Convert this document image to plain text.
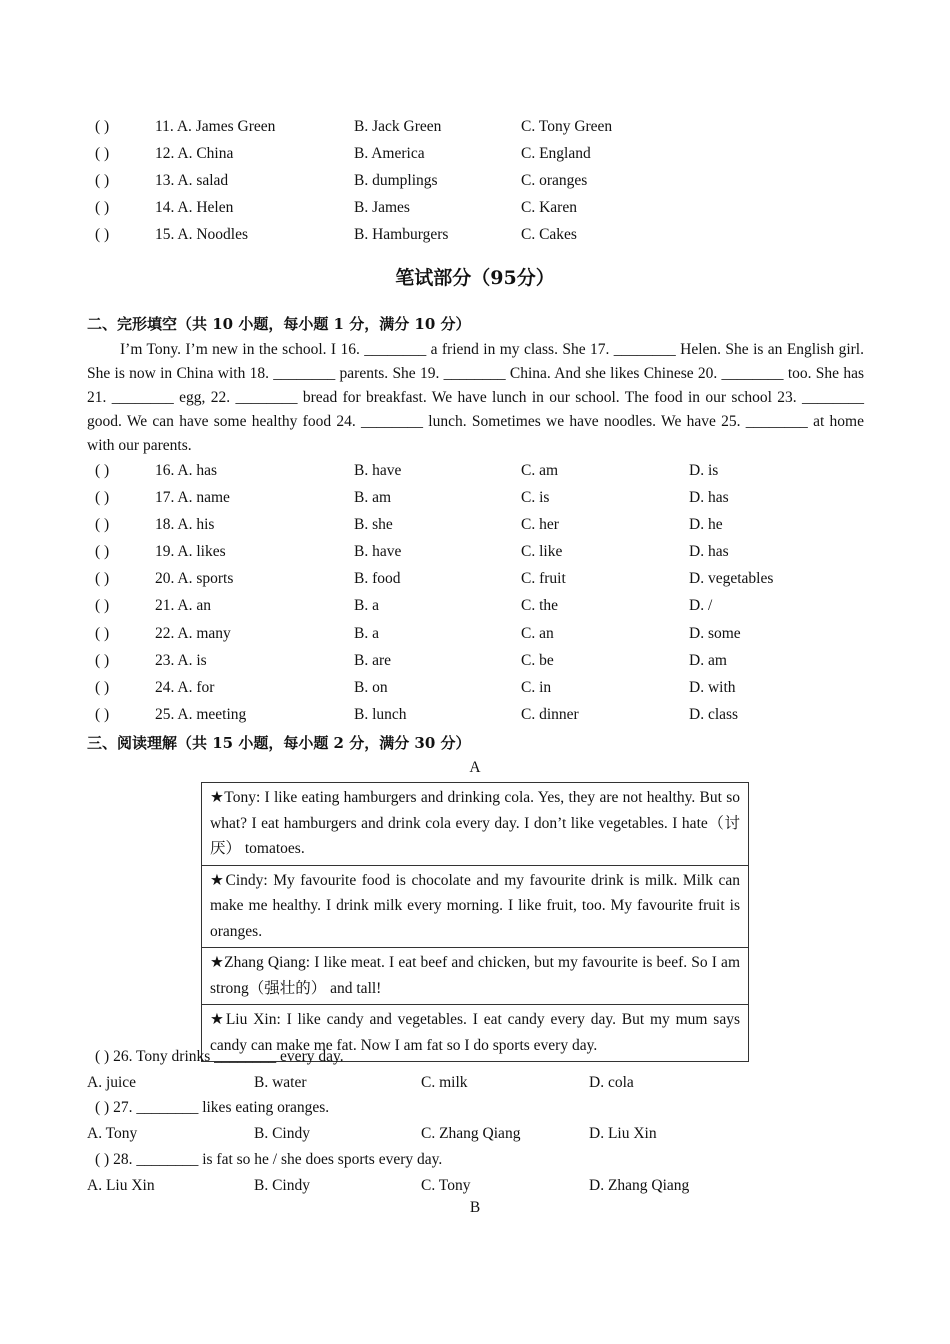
( )	11. A. James Green	B. Jack Green	C. Tony Green
( )	12. A. China	B. America	C. England
( )	13. A. salad	B. dumplings	C. oranges
( )	14. A. Helen	B. James	C. Karen
( )	15. A. Noodles	B. Hamburgers	C. Cakes
笔试部分（95分）
二、完形填空（共 10 小题，每小题 1 分，满分 10 分）
I’m Tony. I’m new in the school. I 16. ________ a friend in my class. She 17. ________ Helen. She is an English girl. She is now in China with 18. ________ parents. She 19. ________ China. And she likes Chinese 20. ________ too. She has 21. ________ egg, 22. ________ bread for breakfast. We have lunch in our school. The food in our school 23. ________ good. We can have some healthy food 24. ________ lunch. Sometimes we have noodles. We have 25. ________ at home with our parents.
( )	16. A. has	B. have	C. am	D. is
( )	17. A. name	B. am	C. is	D. has
( )	18. A. his	B. she	C. her	D. he
( )	19. A. likes	B. have	C. like	D. has
( )	20. A. sports	B. food	C. fruit	D. vegetables
( )	21. A. an	B. a	C. the	D. /
( )	22. A. many	B. a	C. an	D. some
( )	23. A. is	B. are	C. be	D. am
( )	24. A. for	B. on	C. in	D. with
( )	25. A. meeting	B. lunch	C. dinner	D. class
三、阅读理解（共 15 小题，每小题 2 分，满分 30 分）
A
★Tony: I like eating hamburgers and drinking cola. Yes, they are not healthy. But so what? I eat hamburgers and drink cola every day. I don’t like vegetables. I hate（讨厌） tomatoes.
★Cindy: My favourite food is chocolate and my favourite drink is milk. Milk can make me healthy. I drink milk every morning. I like fruit, too. My favourite fruit is oranges.
★Zhang Qiang: I like meat. I eat beef and chicken, but my favourite is beef. So I am strong（强壮的） and tall!
★Liu Xin: I like candy and vegetables. I eat candy every day. But my mum says candy can make me fat. Now I am fat so I do sports every day.
( ) 26. Tony drinks ________ every day.
A. juice	B. water	C. milk	D. cola
( ) 27. ________ likes eating oranges.
A. Tony	B. Cindy	C. Zhang Qiang	D. Liu Xin
( ) 28. ________ is fat so he / she does sports every day.
A. Liu Xin	B. Cindy	C. Tony	D. Zhang Qiang
B
